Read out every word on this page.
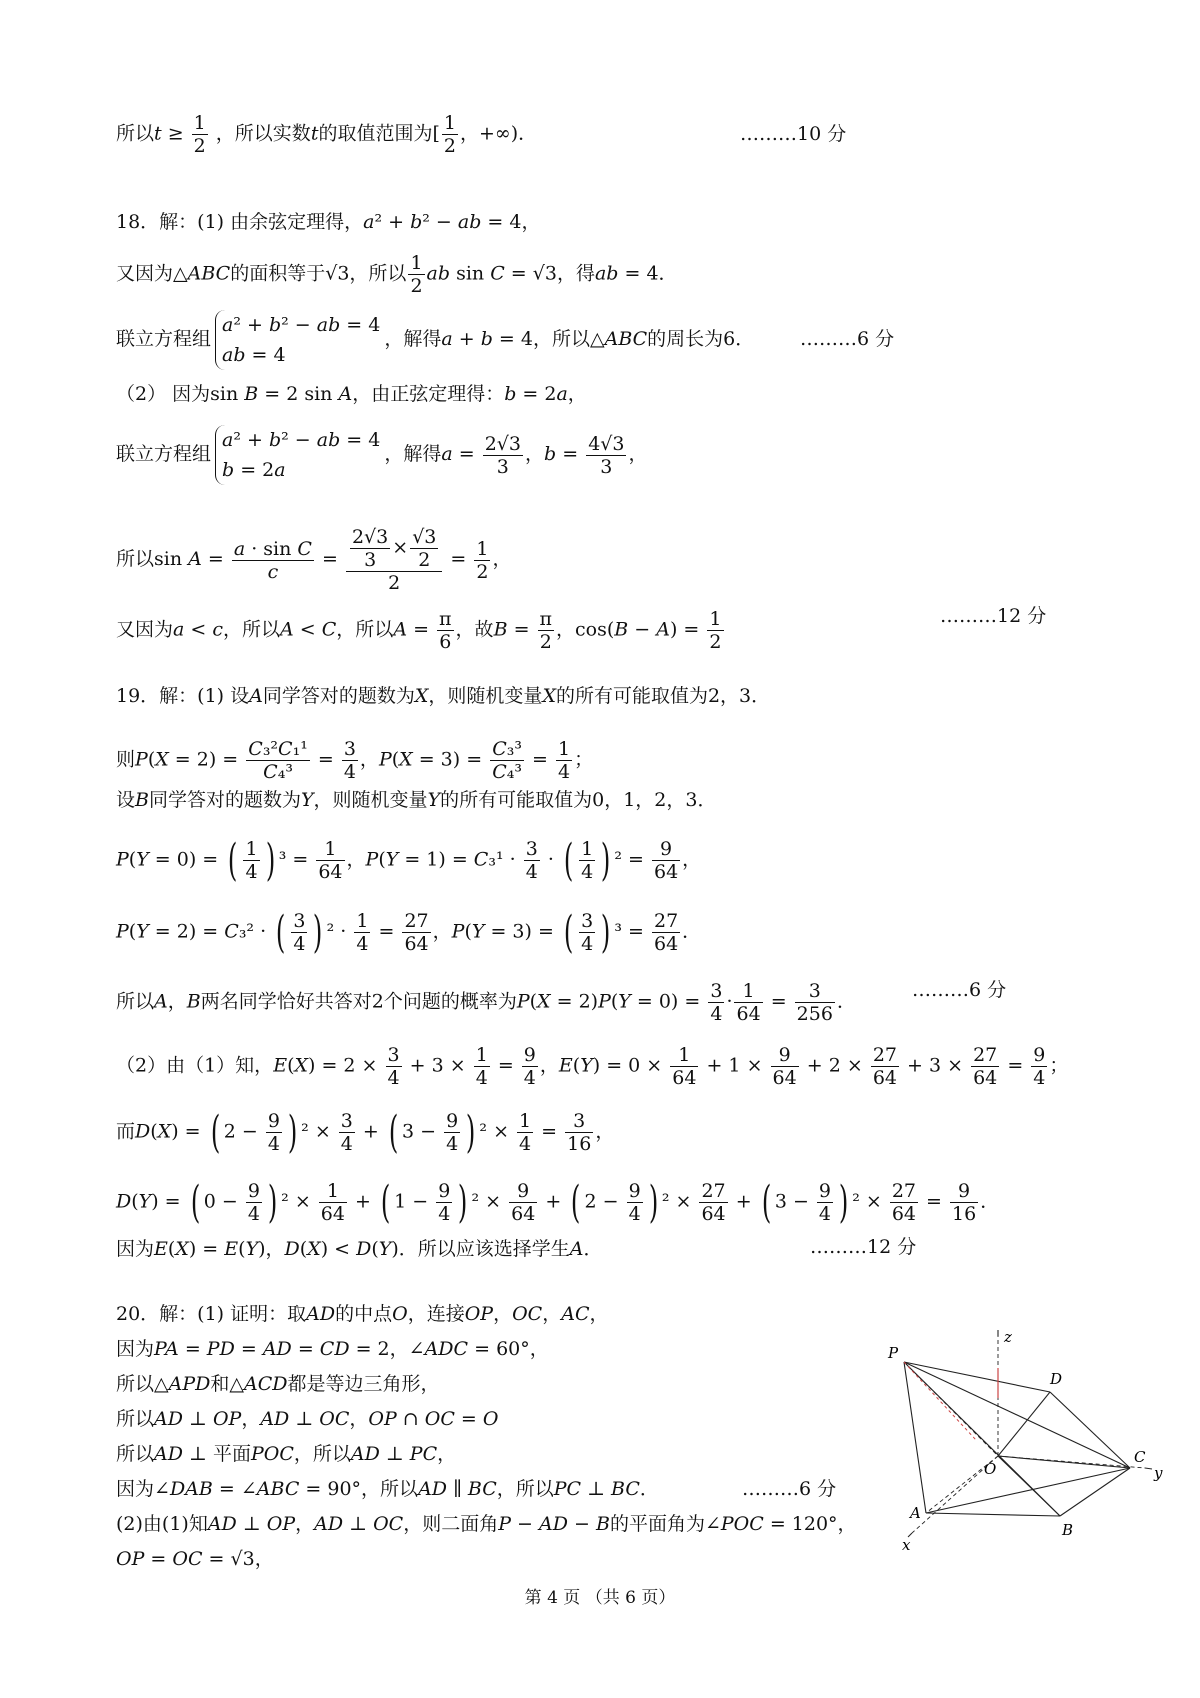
所以$t \ge \frac{1}{2}$ ，所以实数t的取值范围为[ $\frac{1}{2}$ ，+∞)．	………10 分
18．解：(1) 由余弦定理得，a² + b² − ab = 4，
又因为△ABC的面积等于√3，所以 $\frac{1}{2}$ ab sin C = √3，得ab = 4．
联立方程组
a² + b² − ab = 4
ab = 4
，解得a + b = 4，所以△ABC的周长为6． ………6 分
（2） 因为sin B = 2 sin A，由正弦定理得：b = 2a，
联立方程组
a² + b² − ab = 4
b = 2a
，解得$a = \frac{2√3}{3}$ ，$b = \frac{4√3}{3}$ ，
所以$\sin A = \frac{\text{a · sin C}}{c} = \frac{\frac{2√3}{3} \times \frac{√3}{2}}{2} = \frac{1}{2}$ ，
又因为a < c，所以A < C，所以$A = \frac{\pi}{6}$ ，故$B = \frac{\pi}{2}$ ，$\cos(B - A) = \frac{1}{2}$	………12 分
19．解：(1) 设A同学答对的题数为X，则随机变量X的所有可能取值为2，3．
则$P(X = 2) = \frac{\text{C₃²C₁¹}}{\text{C₄³}} = \frac{3}{4}$ ，$P(X = 3) = \frac{\text{C₃³}}{\text{C₄³}} = \frac{1}{4}$ ；
设B同学答对的题数为Y，则随机变量Y的所有可能取值为0，1，2，3．
P(Y = 0) = ( $\frac{1}{4}$ ) $^3 = \frac{1}{64}$ ，$P(Y = 1) = C_3^1 \cdot \frac{3}{4}$ · ( $\frac{1}{4}$ ) $^2 = \frac{9}{64}$ ，
P(Y = 2) = C₃² · ( $\frac{3}{4}$ ) $^2 \cdot \frac{1}{4} = \frac{27}{64}$ ，P(Y = 3) = ( $\frac{3}{4}$ ) $^3 = \frac{27}{64}$ ．
所以A，B两名同学恰好共答对2个问题的概率为$P(X = 2)P(Y = 0) = \frac{3}{4} \cdot \frac{1}{64} = \frac{3}{256}$ ．
………6 分
（2）由（1）知，$E(X) = 2 \times \frac{3}{4} + 3 \times \frac{1}{4} = \frac{9}{4}$ ，$E(Y) = 0 \times \frac{1}{64} + 1 \times \frac{9}{64} + 2 \times \frac{27}{64} + 3 \times \frac{27}{64} = \frac{9}{4}$ ；
而D(X) = ( $2 - \frac{9}{4}$ ) $^2 \times \frac{3}{4}$ + ( $3 - \frac{9}{4}$ ) $^2 \times \frac{1}{4} = \frac{3}{16}$ ，
D(Y) = ( $0 - \frac{9}{4}$ ) $^2 \times \frac{1}{64}$ + ( $1 - \frac{9}{4}$ ) $^2 \times \frac{9}{64}$ + ( $2 - \frac{9}{4}$ ) $^2 \times \frac{27}{64}$ + ( $3 - \frac{9}{4}$ ) $^2 \times \frac{27}{64} = \frac{9}{16}$ ．
因为E(X) = E(Y)，D(X) < D(Y)．所以应该选择学生A．	………12 分
20．解：(1) 证明：取AD的中点O，连接OP，OC，AC，
因为PA = PD = AD = CD = 2，∠ADC = 60°，
所以△APD和△ACD都是等边三角形，
所以AD ⊥ OP，AD ⊥ OC，OP ∩ OC = O
所以AD ⊥ 平面POC，所以AD ⊥ PC，
因为∠DAB = ∠ABC = 90°，所以AD ∥ BC，所以PC ⊥ BC．	………6 分
(2)由(1)知AD ⊥ OP，AD ⊥ OC，则二面角P − AD − B的平面角为∠POC = 120°，
OP = OC = √3，
P
D
O
C
A
B
x
y
z
第 4 页 （共 6 页）
